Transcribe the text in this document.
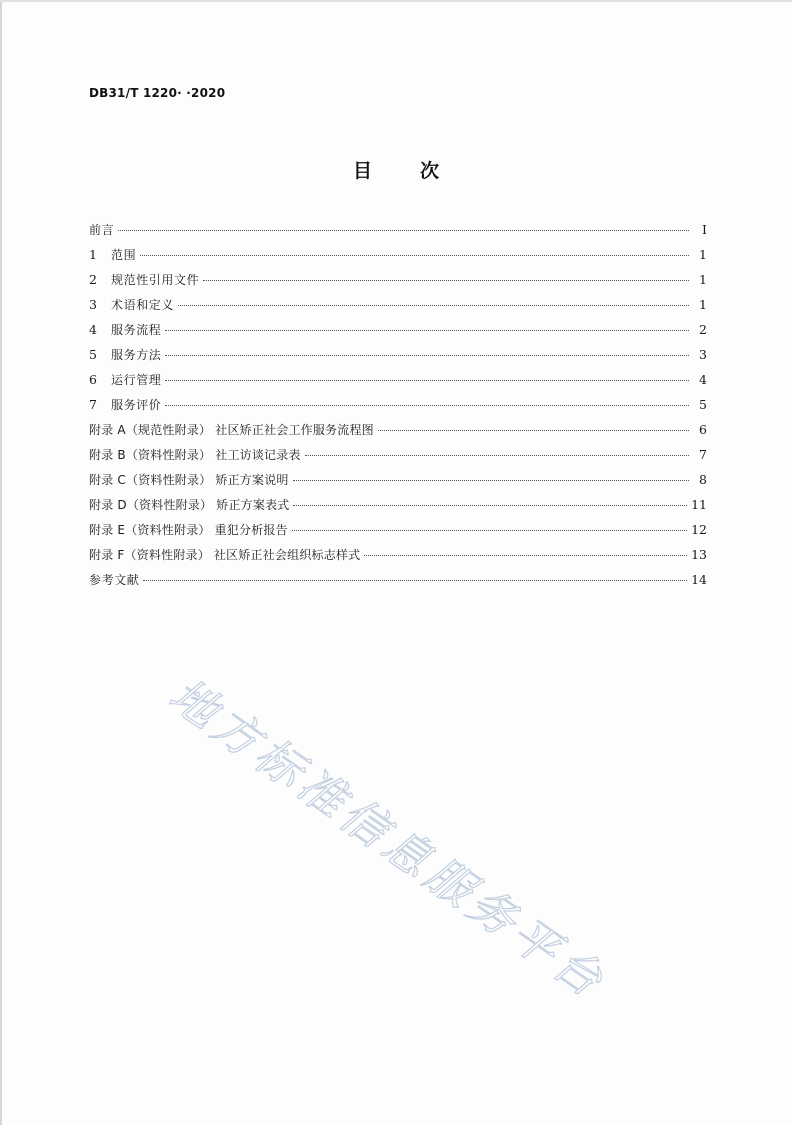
DB31/T 1220· ·2020
目	次
前言	I
1	范围	1
2	规范性引用文件	1
3	术语和定义	1
4	服务流程	2
5	服务方法	3
6	运行管理	4
7	服务评价	5
附录 A（规范性附录） 社区矫正社会工作服务流程图	6
附录 B（资料性附录） 社工访谈记录表	7
附录 C（资料性附录） 矫正方案说明	8
附录 D（资料性附录） 矫正方案表式	11
附录 E（资料性附录） 重犯分析报告	12
附录 F（资料性附录） 社区矫正社会组织标志样式	13
参考文献	14
地方标准信息服务平台
